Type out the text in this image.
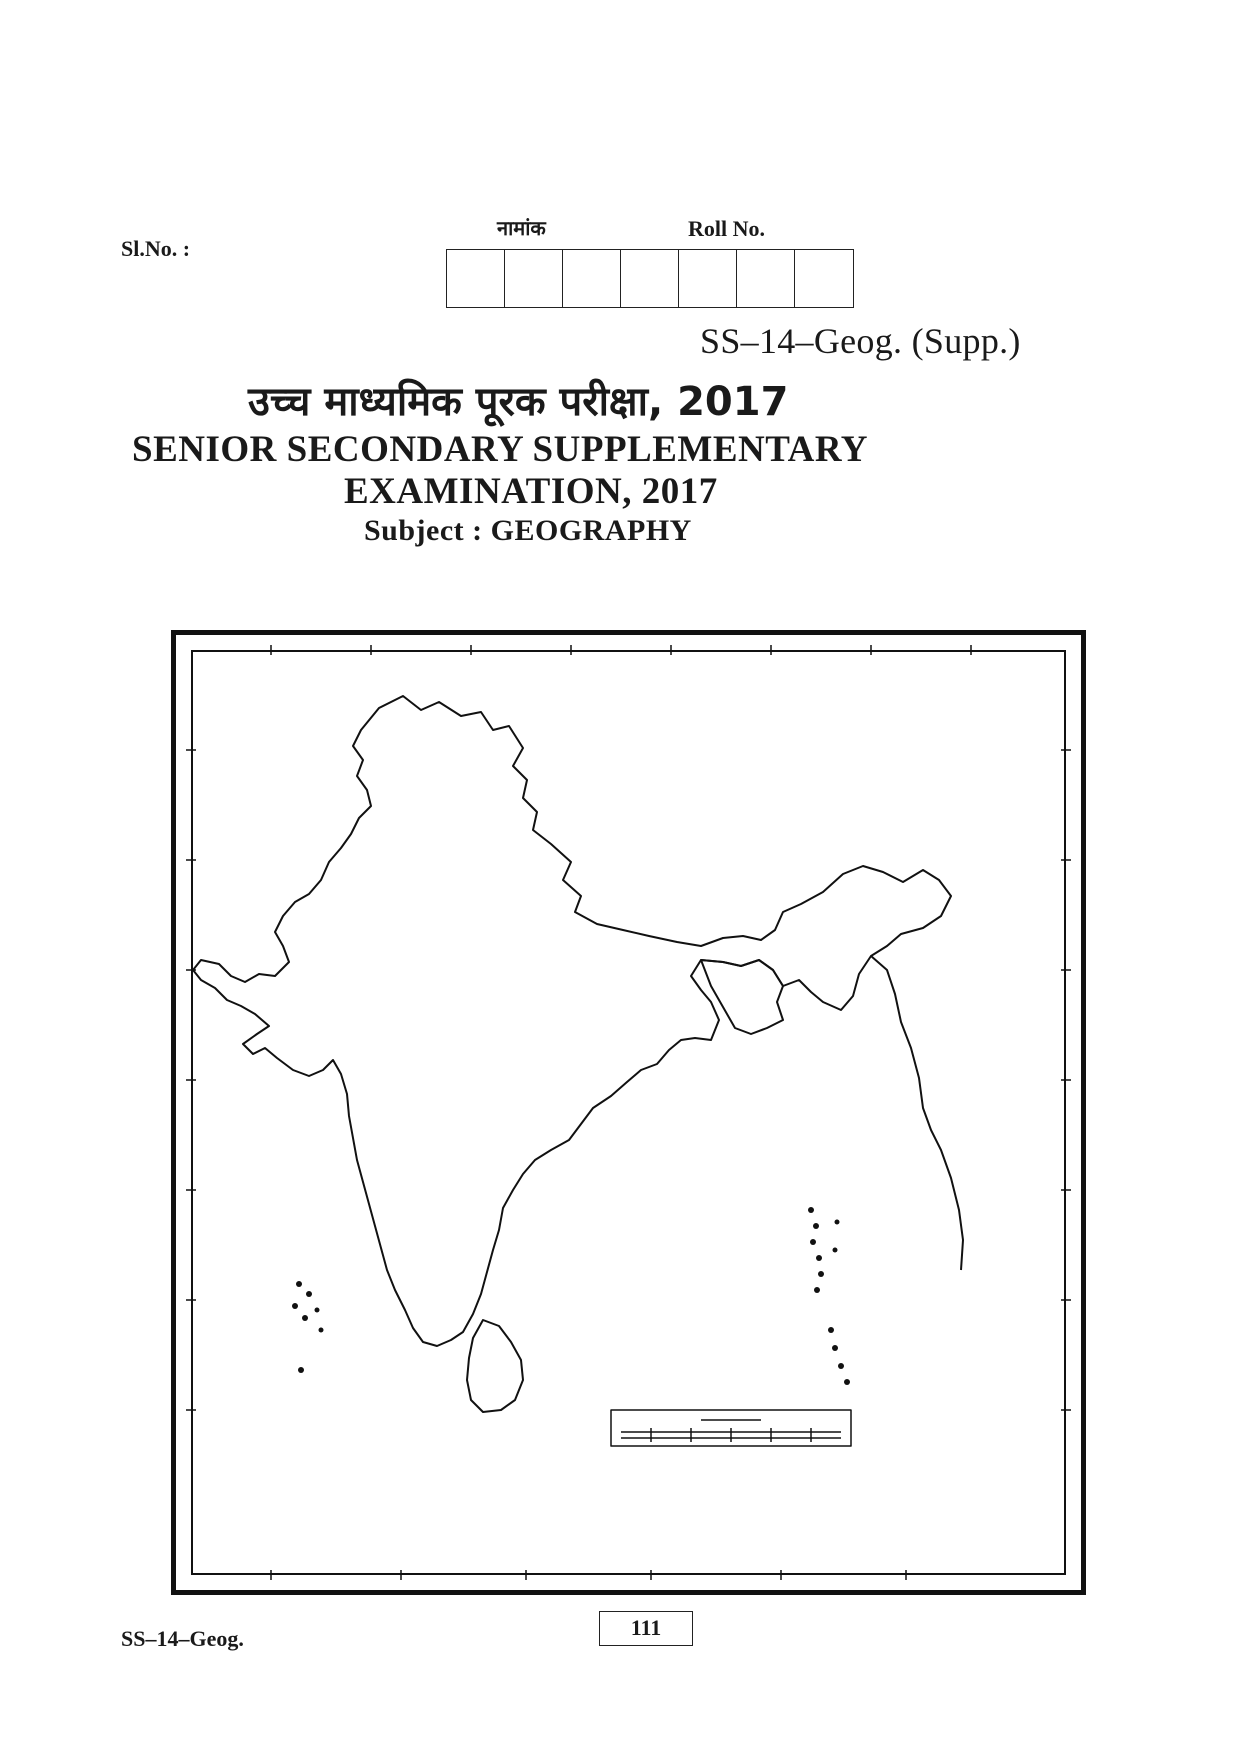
Sl.No. :
नामांक	Roll No.
SS–14–Geog. (Supp.)
उच्च माध्यमिक पूरक परीक्षा, 2017
SENIOR SECONDARY SUPPLEMENTARY
EXAMINATION, 2017
Subject : GEOGRAPHY
SS–14–Geog.	111
